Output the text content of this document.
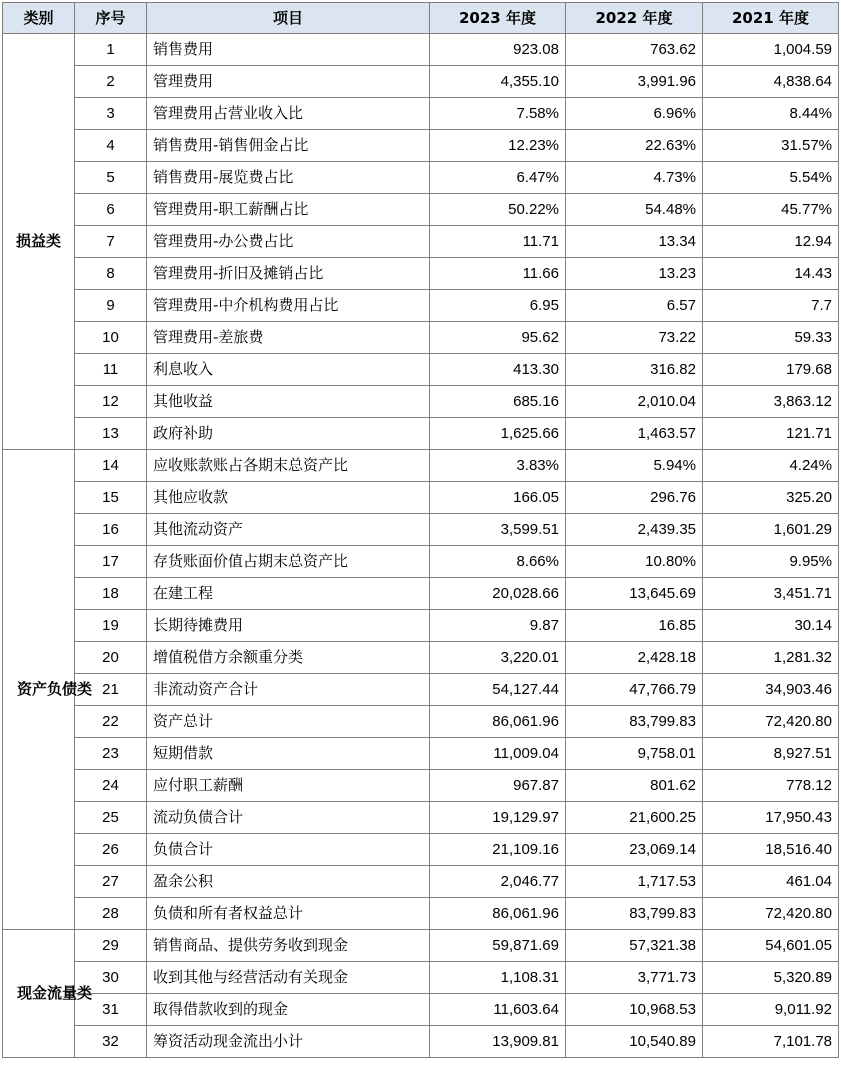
类别	序号	项目	2023 年度	2022 年度	2021 年度
损益类	1	销售费用	923.08	763.62	1,004.59
	2	管理费用	4,355.10	3,991.96	4,838.64
	3	管理费用占营业收入比	7.58%	6.96%	8.44%
	4	销售费用-销售佣金占比	12.23%	22.63%	31.57%
	5	销售费用-展览费占比	6.47%	4.73%	5.54%
	6	管理费用-职工薪酬占比	50.22%	54.48%	45.77%
	7	管理费用-办公费占比	11.71	13.34	12.94
	8	管理费用-折旧及摊销占比	11.66	13.23	14.43
	9	管理费用-中介机构费用占比	6.95	6.57	7.7
	10	管理费用-差旅费	95.62	73.22	59.33
	11	利息收入	413.30	316.82	179.68
	12	其他收益	685.16	2,010.04	3,863.12
	13	政府补助	1,625.66	1,463.57	121.71
资产负债类	14	应收账款账占各期末总资产比	3.83%	5.94%	4.24%
	15	其他应收款	166.05	296.76	325.20
	16	其他流动资产	3,599.51	2,439.35	1,601.29
	17	存货账面价值占期末总资产比	8.66%	10.80%	9.95%
	18	在建工程	20,028.66	13,645.69	3,451.71
	19	长期待摊费用	9.87	16.85	30.14
	20	增值税借方余额重分类	3,220.01	2,428.18	1,281.32
	21	非流动资产合计	54,127.44	47,766.79	34,903.46
	22	资产总计	86,061.96	83,799.83	72,420.80
	23	短期借款	11,009.04	9,758.01	8,927.51
	24	应付职工薪酬	967.87	801.62	778.12
	25	流动负债合计	19,129.97	21,600.25	17,950.43
	26	负债合计	21,109.16	23,069.14	18,516.40
	27	盈余公积	2,046.77	1,717.53	461.04
	28	负债和所有者权益总计	86,061.96	83,799.83	72,420.80
现金流量类	29	销售商品、提供劳务收到现金	59,871.69	57,321.38	54,601.05
	30	收到其他与经营活动有关现金	1,108.31	3,771.73	5,320.89
	31	取得借款收到的现金	11,603.64	10,968.53	9,011.92
	32	筹资活动现金流出小计	13,909.81	10,540.89	7,101.78
